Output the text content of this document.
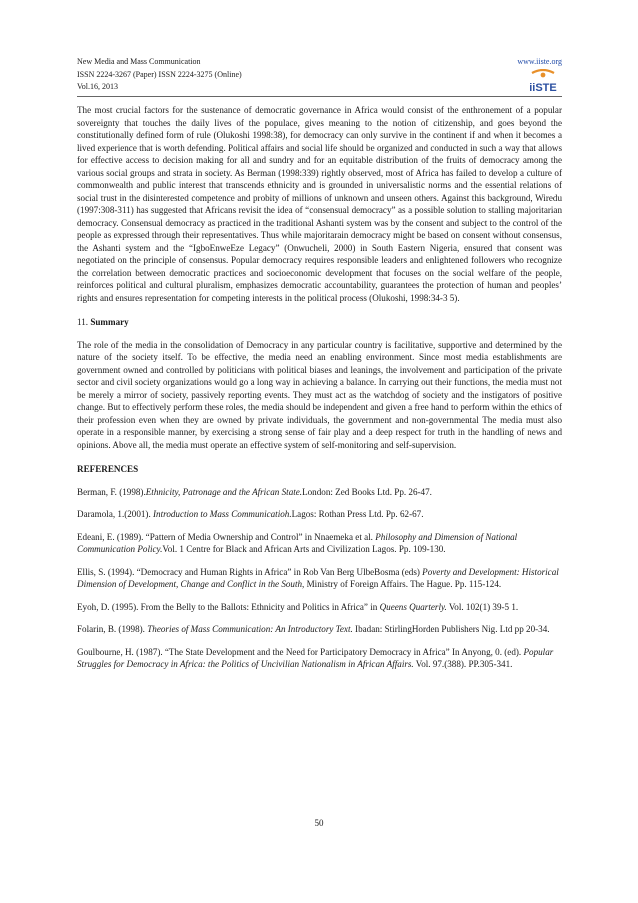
New Media and Mass Communication
ISSN 2224-3267 (Paper) ISSN 2224-3275 (Online)
Vol.16, 2013
www.iiste.org
iiSTE

The most crucial factors for the sustenance of democratic governance in Africa would consist of the enthronement of a popular sovereignty that touches the daily lives of the populace, gives meaning to the notion of citizenship, and goes beyond the constitutionally defined form of rule (Olukoshi 1998:38), for democracy can only survive in the continent if and when it becomes a lived experience that is worth defending. Political affairs and social life should be organized and conducted in such a way that allows for effective access to decision making for all and sundry and for an equitable distribution of the fruits of democracy among the various social groups and strata in society. As Berman (1998:339) rightly observed, most of Africa has failed to develop a culture of commonwealth and public interest that transcends ethnicity and is grounded in universalistic norms and the essential relations of social trust in the disinterested competence and probity of millions of unknown and unseen others. Against this background, Wiredu (1997:308-311) has suggested that Africans revisit the idea of “consensual democracy” as a possible solution to stalling majoritarian democracy. Consensual democracy as practiced in the traditional Ashanti system was by the consent and subject to the control of the people as expressed through their representatives. Thus while majoritarain democracy might be based on consent without consensus, the Ashanti system and the “IgboEnweEze Legacy” (Onwucheli, 2000) in South Eastern Nigeria, ensured that consent was negotiated on the principle of consensus. Popular democracy requires responsible leaders and enlightened followers who recognize the correlation between democratic practices and socioeconomic development that focuses on the social welfare of the people, reinforces political and cultural pluralism, emphasizes democratic accountability, guarantees the protection of human and peoples’ rights and ensures representation for competing interests in the political process (Olukoshi, 1998:34-3 5).

11. Summary

The role of the media in the consolidation of Democracy in any particular country is facilitative, supportive and determined by the nature of the society itself. To be effective, the media need an enabling environment. Since most media establishments are government owned and controlled by politicians with political biases and leanings, the involvement and participation of the private sector and civil society organizations would go a long way in achieving a balance. In carrying out their functions, the media must not be merely a mirror of society, passively reporting events. They must act as the watchdog of society and the instigators of positive change. But to effectively perform these roles, the media should be independent and given a free hand to perform within the ethics of their profession even when they are owned by private individuals, the government and non-governmental The media must also operate in a responsible manner, by exercising a strong sense of fair play and a deep respect for truth in the handling of news and opinions. Above all, the media must operate an effective system of self-monitoring and self-supervision.

REFERENCES

Berman, F. (1998).Ethnicity, Patronage and the African State.London: Zed Books Ltd. Pp. 26-47.

Daramola, 1.(2001). Introduction to Mass Communicatioh.Lagos: Rothan Press Ltd. Pp. 62-67.

Edeani, E. (1989). “Pattern of Media Ownership and Control” in Nnaemeka et al. Philosophy and Dimension of National Communication Policy.Vol. 1 Centre for Black and African Arts and Civilization Lagos. Pp. 109-130.

Ellis, S. (1994). “Democracy and Human Rights in Africa” in Rob Van Berg UlbeBosma (eds) Poverty and Development: Historical Dimension of Development, Change and Conflict in the South, Ministry of Foreign Affairs. The Hague. Pp. 115-124.

Eyoh, D. (1995). From the Belly to the Ballots: Ethnicity and Politics in Africa” in Queens Quarterly. Vol. 102(1) 39-5 1.

Folarin, B. (1998). Theories of Mass Communication: An Introductory Text. Ibadan: StirlingHorden Publishers Nig. Ltd pp 20-34.

Goulbourne, H. (1987). “The State Development and the Need for Participatory Democracy in Africa” In Anyong, 0. (ed). Popular Struggles for Democracy in Africa: the Politics of Uncivilian Nationalism in African Affairs. Vol. 97.(388). PP.305-341.

50
